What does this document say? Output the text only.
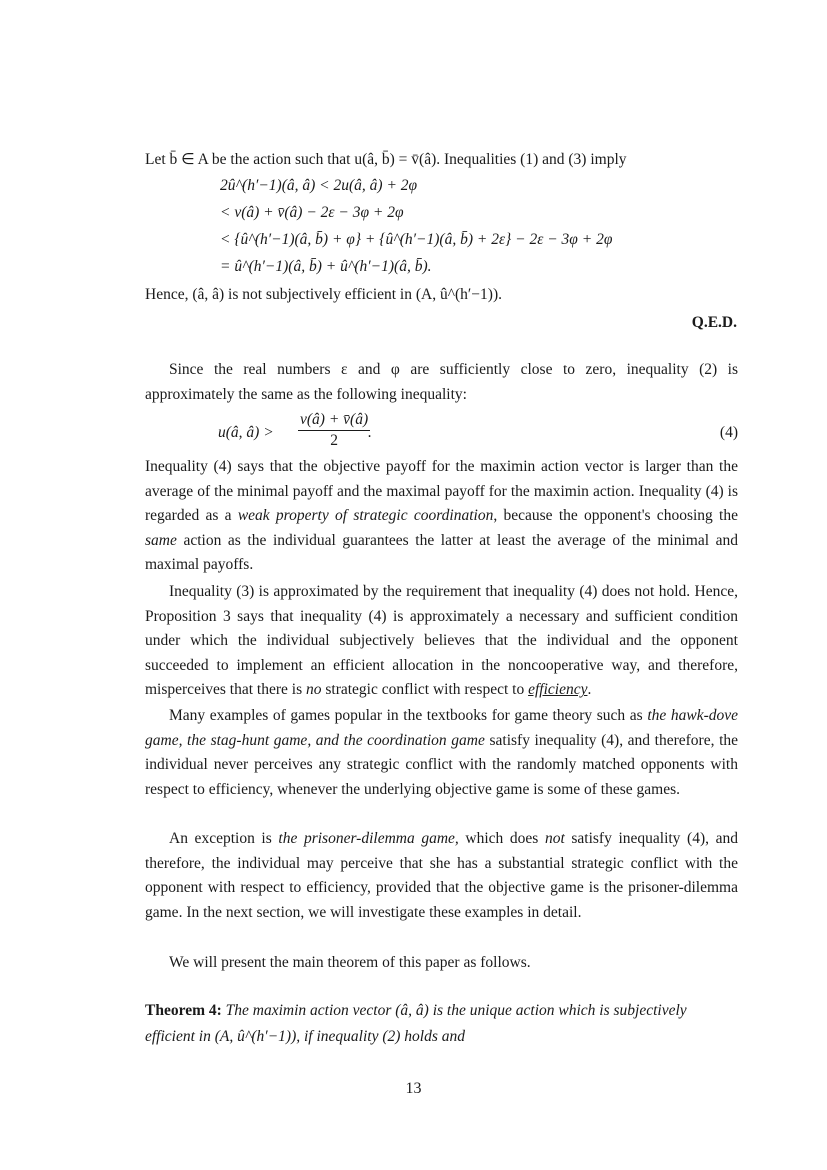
Let b̄ ∈ A be the action such that u(â, b̄) = v̄(â). Inequalities (1) and (3) imply
2û^(h′−1)(â, â) < 2u(â, â) + 2φ
< v(â) + v̄(â) − 2ε − 3φ + 2φ
< {û^(h′−1)(â, b̄) + φ} + {û^(h′−1)(â, b̄) + 2ε} − 2ε − 3φ + 2φ
= û^(h′−1)(â, b̄) + û^(h′−1)(â, b̄).
Hence, (â, â) is not subjectively efficient in (A, û^(h′−1)).
Q.E.D.

Since the real numbers ε and φ are sufficiently close to zero, inequality (2) is approximately the same as the following inequality:

u(â, â) > $\frac{v(â) + v̄(â)}{2}$
.	(4)

Inequality (4) says that the objective payoff for the maximin action vector is larger than the average of the minimal payoff and the maximal payoff for the maximin action. Inequality (4) is regarded as a weak property of strategic coordination, because the opponent's choosing the same action as the individual guarantees the latter at least the average of the minimal and maximal payoffs.

Inequality (3) is approximated by the requirement that inequality (4) does not hold. Hence, Proposition 3 says that inequality (4) is approximately a necessary and sufficient condition under which the individual subjectively believes that the individual and the opponent succeeded to implement an efficient allocation in the noncooperative way, and therefore, misperceives that there is no strategic conflict with respect to efficiency.

Many examples of games popular in the textbooks for game theory such as the hawk-dove game, the stag-hunt game, and the coordination game satisfy inequality (4), and therefore, the individual never perceives any strategic conflict with the randomly matched opponents with respect to efficiency, whenever the underlying objective game is some of these games.

An exception is the prisoner-dilemma game, which does not satisfy inequality (4), and therefore, the individual may perceive that she has a substantial strategic conflict with the opponent with respect to efficiency, provided that the objective game is the prisoner-dilemma game. In the next section, we will investigate these examples in detail.

We will present the main theorem of this paper as follows.

Theorem 4: The maximin action vector (â, â) is the unique action which is subjectively efficient in (A, û^(h′−1)), if inequality (2) holds and
13
